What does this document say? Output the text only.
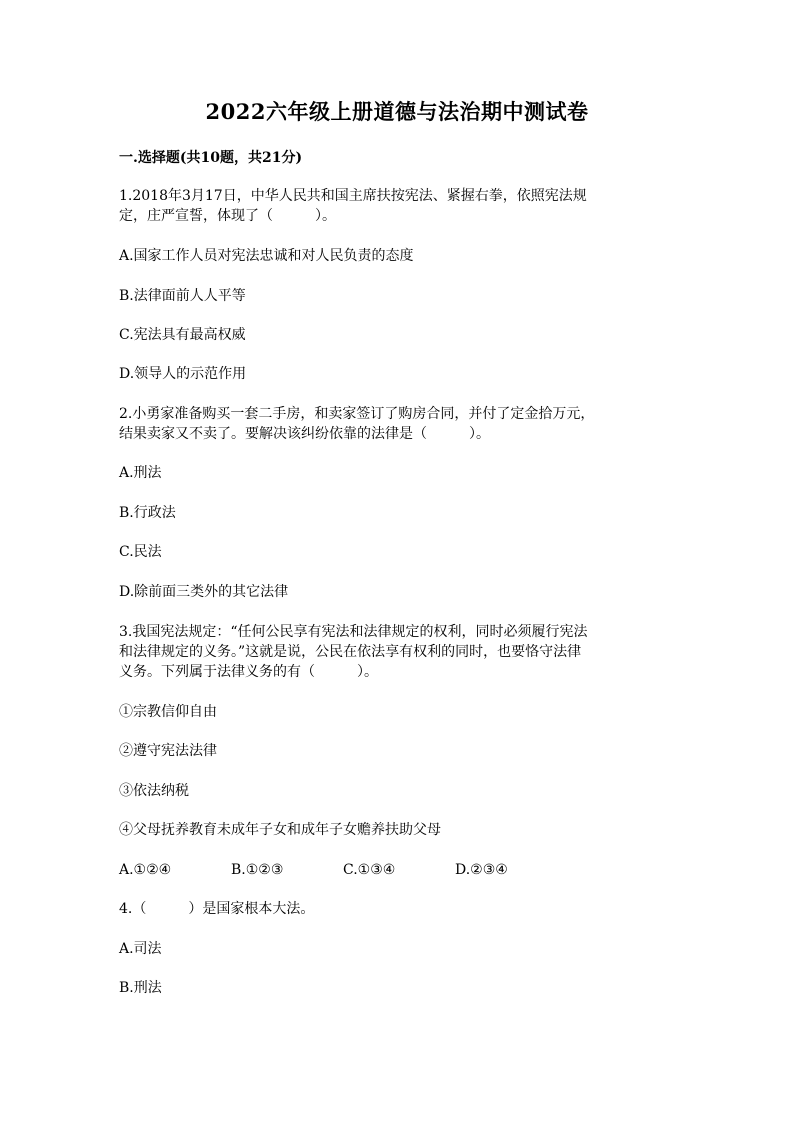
2022六年级上册道德与法治期中测试卷
一.选择题(共10题，共21分)
1.2018年3月17日，中华人民共和国主席扶按宪法、紧握右拳，依照宪法规
定，庄严宣誓，体现了（　　　）。
A.国家工作人员对宪法忠诚和对人民负责的态度
B.法律面前人人平等
C.宪法具有最高权威
D.领导人的示范作用
2.小勇家准备购买一套二手房，和卖家签订了购房合同，并付了定金拾万元，
结果卖家又不卖了。要解决该纠纷依靠的法律是（　　　）。
A.刑法
B.行政法
C.民法
D.除前面三类外的其它法律
3.我国宪法规定：“任何公民享有宪法和法律规定的权利，同时必须履行宪法
和法律规定的义务。”这就是说，公民在依法享有权利的同时，也要恪守法律
义务。下列属于法律义务的有（　　　）。
①宗教信仰自由
②遵守宪法法律
③依法纳税
④父母抚养教育未成年子女和成年子女赡养扶助父母
A.①②④	B.①②③	C.①③④	D.②③④
4.（　　　）是国家根本大法。
A.司法
B.刑法
